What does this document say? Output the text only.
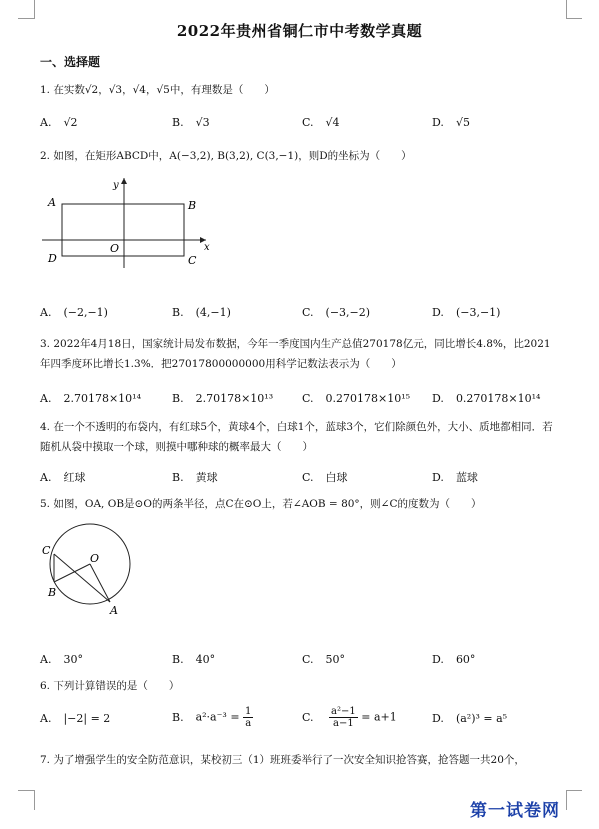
2022年贵州省铜仁市中考数学真题
一、选择题
1. 在实数√2，√3，√4，√5中，有理数是（　　）
A. √2	B. √3	C. √4	D. √5
2. 如图，在矩形ABCD中，A(−3,2), B(3,2), C(3,−1)，则D的坐标为（　　）
A	B
C
D
O	x
y
A. (−2,−1)	B. (4,−1)	C. (−3,−2)	D. (−3,−1)
3. 2022年4月18日，国家统计局发布数据，今年一季度国内生产总值270178亿元，同比增长4.8%，比2021年四季度环比增长1.3%．把27017800000000用科学记数法表示为（　　）
A. 2.70178×10¹⁴	B. 2.70178×10¹³	C. 0.270178×10¹⁵ D. 0.270178×10¹⁴
4. 在一个不透明的布袋内，有红球5个，黄球4个，白球1个，蓝球3个，它们除颜色外，大小、质地都相同．若随机从袋中摸取一个球，则摸中哪种球的概率最大（　　）
A. 红球	B. 黄球	C. 白球	D. 蓝球
5. 如图，OA, OB是⊙O的两条半径，点C在⊙O上，若∠AOB = 80°，则∠C的度数为（　　）
C
O
B
A
A. 30°	B. 40°	C. 50°	D. 60°
6. 下列计算错误的是（　　）
A. |−2| = 2	B. $a^2\cdot a^{-3} = \frac{1}{a}$	C. $\frac{\text{a²−1}}{a-1} = a+1$	D. (a²)³ = a⁵
7. 为了增强学生的安全防范意识，某校初三（1）班班委举行了一次安全知识抢答赛，抢答题一共20个，
第一试卷网
